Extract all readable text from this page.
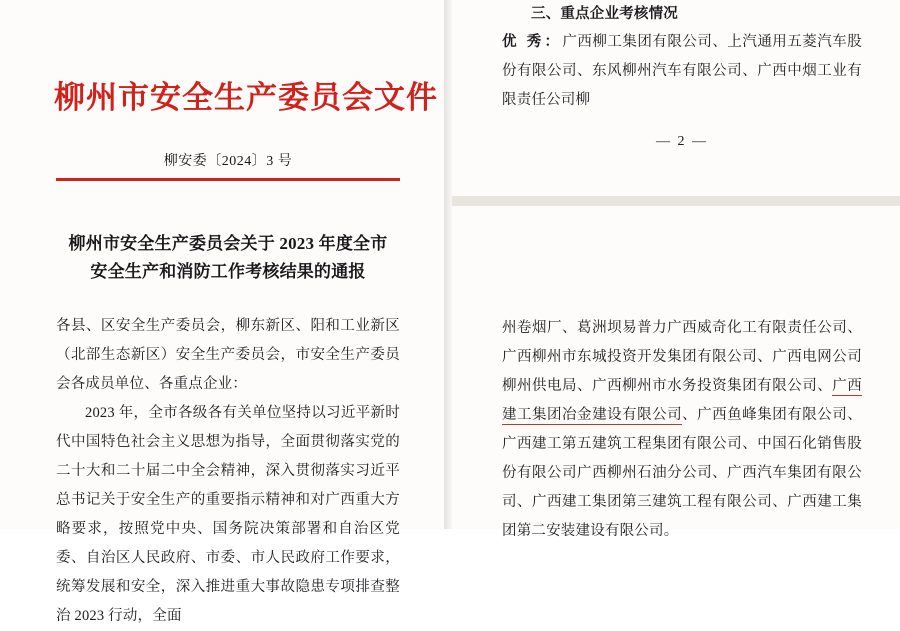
柳州市安全生产委员会文件
柳安委〔2024〕3 号
柳州市安全生产委员会关于 2023 年度全市
安全生产和消防工作考核结果的通报

各县、区安全生产委员会，柳东新区、阳和工业新区（北部生态新区）安全生产委员会，市安全生产委员会各成员单位、各重点企业：

2023 年，全市各级各有关单位坚持以习近平新时代中国特色社会主义思想为指导，全面贯彻落实党的二十大和二十届二中全会精神，深入贯彻落实习近平总书记关于安全生产的重要指示精神和对广西重大方略要求，按照党中央、国务院决策部署和自治区党委、自治区人民政府、市委、市人民政府工作要求，统筹发展和安全，深入推进重大事故隐患专项排查整治 2023 行动，全面

三、重点企业考核情况

优 秀：广西柳工集团有限公司、上汽通用五菱汽车股份有限公司、东风柳州汽车有限公司、广西中烟工业有限责任公司柳

— 2 —

州卷烟厂、葛洲坝易普力广西威奇化工有限责任公司、广西柳州市东城投资开发集团有限公司、广西电网公司柳州供电局、广西柳州市水务投资集团有限公司、广西建工集团冶金建设有限公司、广西鱼峰集团有限公司、广西建工第五建筑工程集团有限公司、中国石化销售股份有限公司广西柳州石油分公司、广西汽车集团有限公司、广西建工集团第三建筑工程有限公司、广西建工集团第二安装建设有限公司。
